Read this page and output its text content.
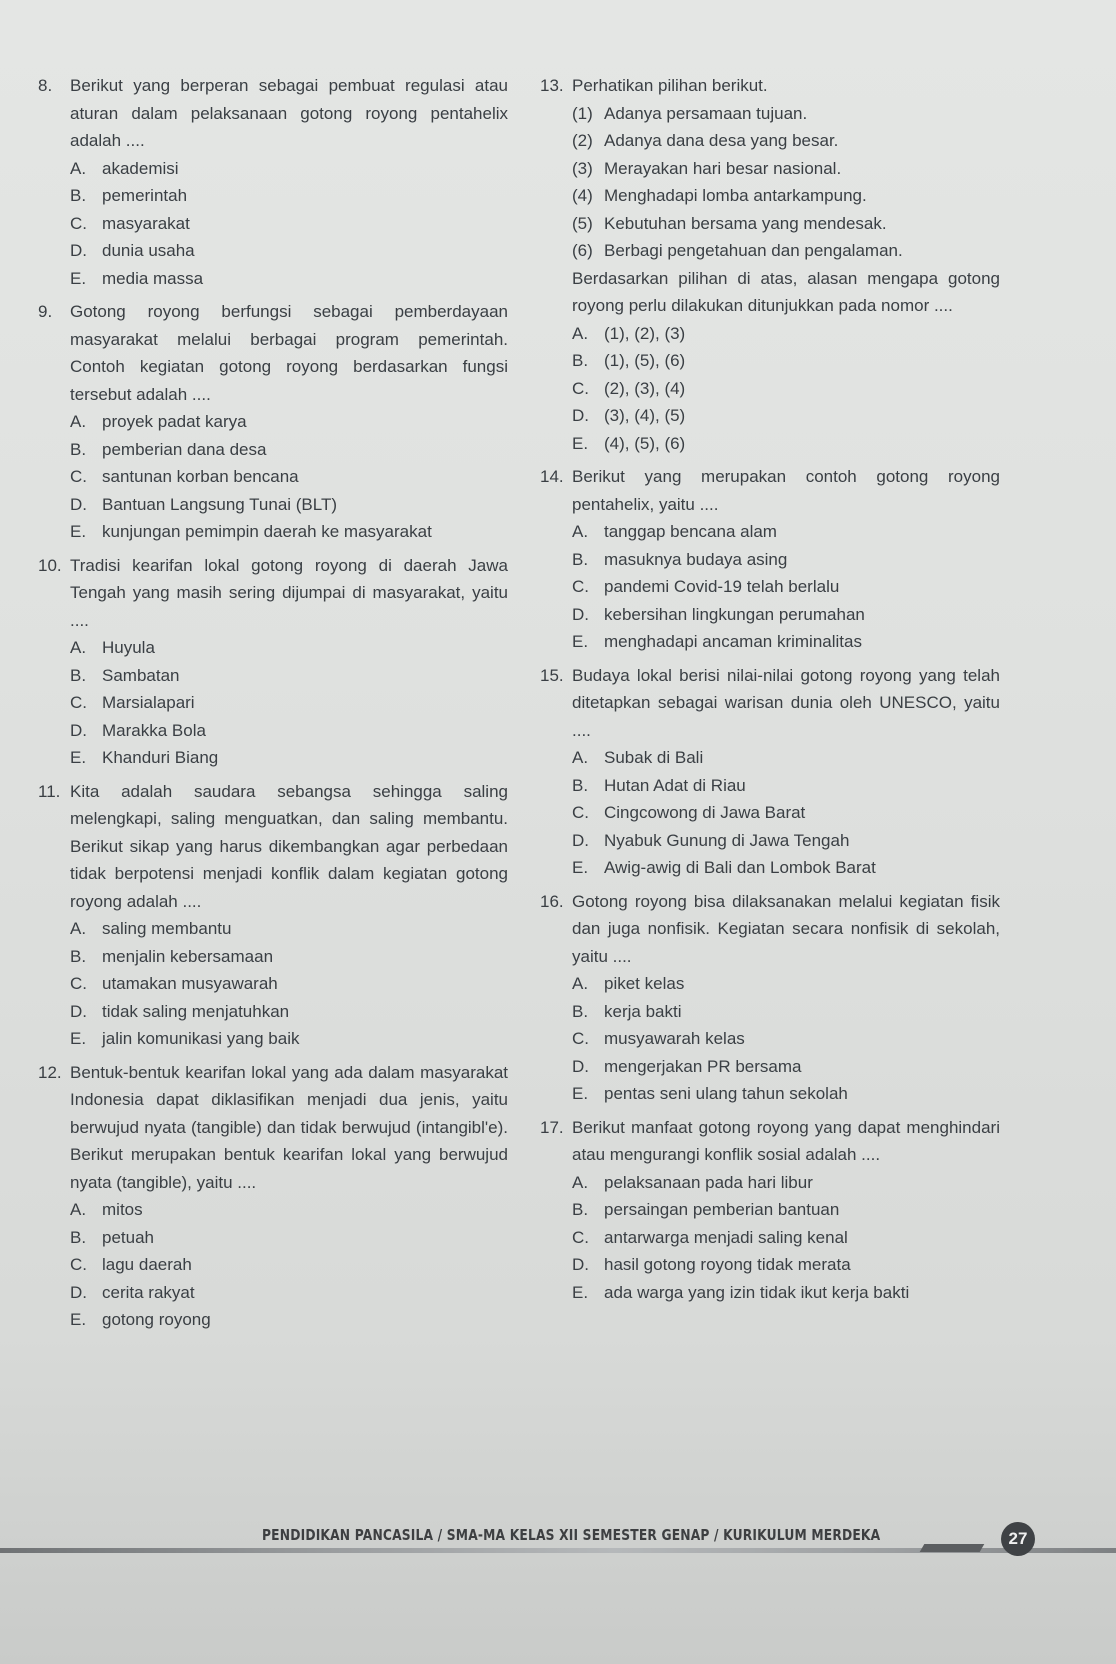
8. Berikut yang berperan sebagai pembuat regulasi atau aturan dalam pelaksanaan gotong royong pentahelix adalah ....
A. akademisi
B. pemerintah
C. masyarakat
D. dunia usaha
E. media massa
9. Gotong royong berfungsi sebagai pemberdayaan masyarakat melalui berbagai program pemerintah. Contoh kegiatan gotong royong berdasarkan fungsi tersebut adalah ....
A. proyek padat karya
B. pemberian dana desa
C. santunan korban bencana
D. Bantuan Langsung Tunai (BLT)
E. kunjungan pemimpin daerah ke masyarakat
10. Tradisi kearifan lokal gotong royong di daerah Jawa Tengah yang masih sering dijumpai di masyarakat, yaitu ....
A. Huyula
B. Sambatan
C. Marsialapari
D. Marakka Bola
E. Khanduri Biang
11. Kita adalah saudara sebangsa sehingga saling melengkapi, saling menguatkan, dan saling membantu. Berikut sikap yang harus dikembangkan agar perbedaan tidak berpotensi menjadi konflik dalam kegiatan gotong royong adalah ....
A. saling membantu
B. menjalin kebersamaan
C. utamakan musyawarah
D. tidak saling menjatuhkan
E. jalin komunikasi yang baik
12. Bentuk-bentuk kearifan lokal yang ada dalam masyarakat Indonesia dapat diklasifikan menjadi dua jenis, yaitu berwujud nyata (tangible) dan tidak berwujud (intangibl'e). Berikut merupakan bentuk kearifan lokal yang berwujud nyata (tangible), yaitu ....
A. mitos
B. petuah
C. lagu daerah
D. cerita rakyat
E. gotong royong
13. Perhatikan pilihan berikut.
(1) Adanya persamaan tujuan.
(2) Adanya dana desa yang besar.
(3) Merayakan hari besar nasional.
(4) Menghadapi lomba antarkampung.
(5) Kebutuhan bersama yang mendesak.
(6) Berbagi pengetahuan dan pengalaman.
Berdasarkan pilihan di atas, alasan mengapa gotong royong perlu dilakukan ditunjukkan pada nomor ....
A. (1), (2), (3)
B. (1), (5), (6)
C. (2), (3), (4)
D. (3), (4), (5)
E. (4), (5), (6)
14. Berikut yang merupakan contoh gotong royong pentahelix, yaitu ....
A. tanggap bencana alam
B. masuknya budaya asing
C. pandemi Covid-19 telah berlalu
D. kebersihan lingkungan perumahan
E. menghadapi ancaman kriminalitas
15. Budaya lokal berisi nilai-nilai gotong royong yang telah ditetapkan sebagai warisan dunia oleh UNESCO, yaitu ....
A. Subak di Bali
B. Hutan Adat di Riau
C. Cingcowong di Jawa Barat
D. Nyabuk Gunung di Jawa Tengah
E. Awig-awig di Bali dan Lombok Barat
16. Gotong royong bisa dilaksanakan melalui kegiatan fisik dan juga nonfisik. Kegiatan secara nonfisik di sekolah, yaitu ....
A. piket kelas
B. kerja bakti
C. musyawarah kelas
D. mengerjakan PR bersama
E. pentas seni ulang tahun sekolah
17. Berikut manfaat gotong royong yang dapat menghindari atau mengurangi konflik sosial adalah ....
A. pelaksanaan pada hari libur
B. persaingan pemberian bantuan
C. antarwarga menjadi saling kenal
D. hasil gotong royong tidak merata
E. ada warga yang izin tidak ikut kerja bakti
PENDIDIKAN PANCASILA / SMA-MA KELAS XII SEMESTER GENAP / KURIKULUM MERDEKA	27
